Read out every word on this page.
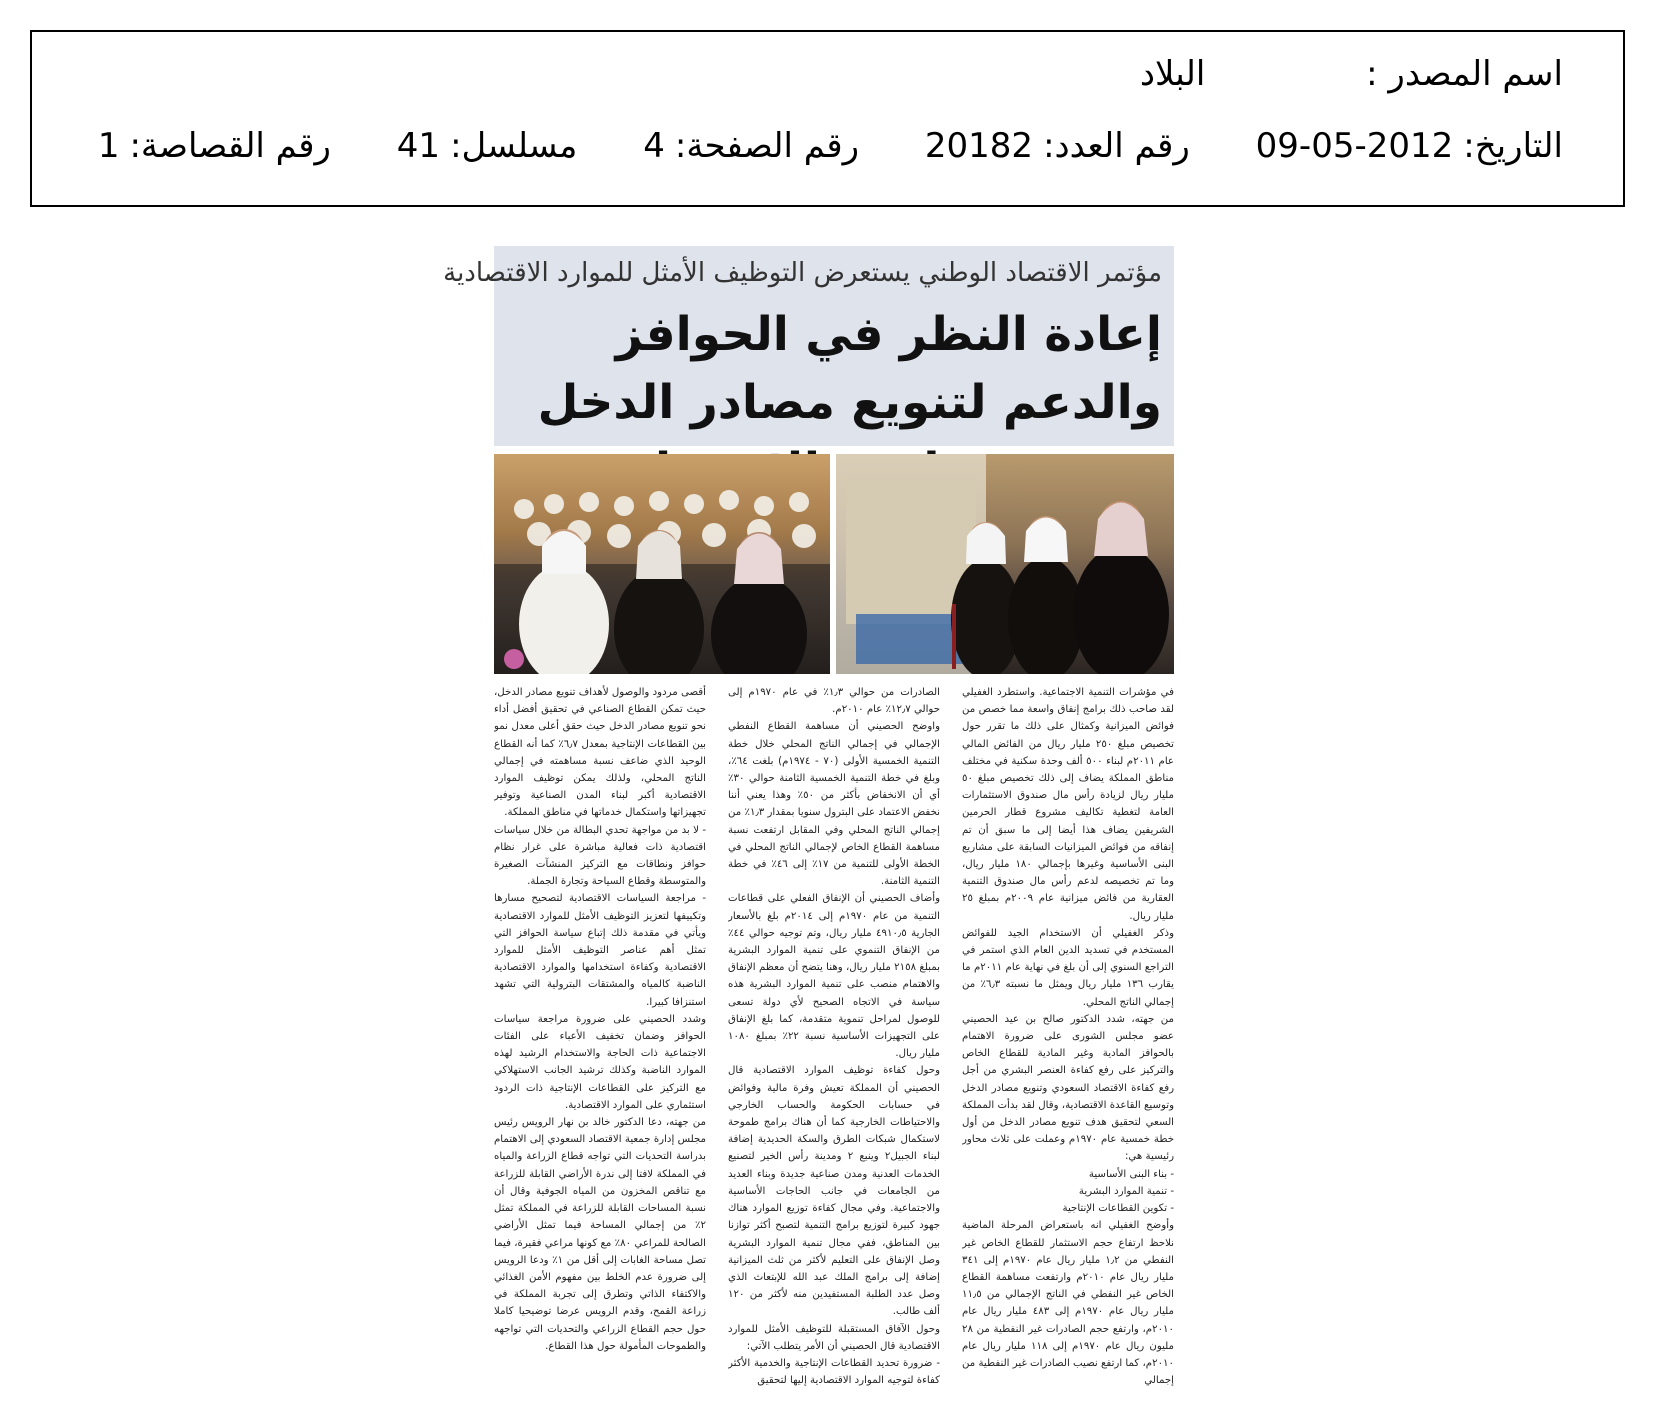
اسم المصدر : البلاد
التاريخ:2012-05-09 رقم العدد:20182 رقم الصفحة:4 مسلسل:41 رقم القصاصة:1
مؤتمر الاقتصاد الوطني يستعرض التوظيف الأمثل للموارد الاقتصادية
إعادة النظر في الحوافز والدعم لتنويع مصادر الدخل

في مؤشرات التنمية الاجتماعية. واستطرد الغفيلي لقد صاحب ذلك برامج إنفاق واسعة مما خصص من فوائض الميزانية وكمثال على ذلك ما تقرر حول تخصيص مبلغ ٢٥٠ مليار ريال من الفائض المالي عام ٢٠١١م لبناء ٥٠٠ ألف وحدة سكنية في مختلف مناطق المملكة يضاف إلى ذلك تخصيص مبلغ ٥٠ مليار ريال لزيادة رأس مال صندوق الاستثمارات العامة لتغطية تكاليف مشروع قطار الحرمين الشريفين يضاف هذا أيضا إلى ما سبق أن تم إنفاقه من فوائض الميزانيات السابقة على مشاريع البنى الأساسية وغيرها بإجمالي ١٨٠ مليار ريال، وما تم تخصيصه لدعم رأس مال صندوق التنمية العقارية من فائض ميزانية عام ٢٠٠٩م بمبلغ ٢٥ مليار ريال.

وذكر الغفيلي أن الاستخدام الجيد للفوائض المستخدم في تسديد الدين العام الذي استمر في التراجع السنوي إلى أن بلغ في نهاية عام ٢٠١١م ما يقارب ١٣٦ مليار ريال ويمثل ما نسبته ٦٫٣٪ من إجمالي الناتج المحلي.

من جهته، شدد الدكتور صالح بن عيد الحصيني عضو مجلس الشورى على ضرورة الاهتمام بالحوافز المادية وغير المادية للقطاع الخاص والتركيز على رفع كفاءة العنصر البشري من أجل رفع كفاءة الاقتصاد السعودي وتنويع مصادر الدخل وتوسيع القاعدة الاقتصادية، وقال لقد بدأت المملكة السعي لتحقيق هدف تنويع مصادر الدخل من أول خطة خمسية عام ١٩٧٠م وعملت على ثلاث محاور رئيسية هي:

- بناء البنى الأساسية

- تنمية الموارد البشرية

- تكوين القطاعات الإنتاجية

وأوضح الغفيلي انه باستعراض المرحلة الماضية نلاحظ ارتفاع حجم الاستثمار للقطاع الخاص غير النفطي من ١٫٢ مليار ريال عام ١٩٧٠م إلى ٣٤١ مليار ريال عام ٢٠١٠م وارتفعت مساهمة القطاع الخاص غير النفطي في الناتج الإجمالي من ١١٫٥ مليار ريال عام ١٩٧٠م إلى ٤٨٣ مليار ريال عام ٢٠١٠م، وارتفع حجم الصادرات غير النفطية من ٢٨ مليون ريال عام ١٩٧٠م إلى ١١٨ مليار ريال عام ٢٠١٠م، كما ارتفع نصيب الصادرات غير النفطية من إجمالي

الصادرات من حوالي ١٫٣٪ في عام ١٩٧٠م إلى حوالي ١٢٫٧٪ عام ٢٠١٠م.

واوضح الحصيني أن مساهمة القطاع النفطي الإجمالي في إجمالي الناتج المحلي خلال خطة التنمية الخمسية الأولى (٧٠ - ١٩٧٤م) بلغت ٦٤٪، وبلغ في خطة التنمية الخمسية الثامنة حوالي ٣٠٪ أي أن الانخفاض بأكثر من ٥٠٪ وهذا يعني أننا نخفض الاعتماد على البترول سنويا بمقدار ١٫٣٪ من إجمالي الناتج المحلي وفي المقابل ارتفعت نسبة مساهمة القطاع الخاص لإجمالي الناتج المحلي في الخطة الأولى للتنمية من ١٧٪ إلى ٤٦٪ في خطة التنمية الثامنة.

وأضاف الحصيني أن الإنفاق الفعلي على قطاعات التنمية من عام ١٩٧٠م إلى ٢٠١٤م بلغ بالأسعار الجارية ٤٩١٠٫٥ مليار ريال، وتم توجيه حوالي ٤٤٪ من الإنفاق التنموي على تنمية الموارد البشرية بمبلغ ٢١٥٨ مليار ريال، وهنا يتضح أن معظم الإنفاق والاهتمام منصب على تنمية الموارد البشرية هذه سياسة في الاتجاه الصحيح لأي دولة تسعى للوصول لمراحل تنموية متقدمة، كما بلغ الإنفاق على التجهيزات الأساسية نسبة ٢٢٪ بمبلغ ١٠٨٠ مليار ريال.

وحول كفاءة توظيف الموارد الاقتصادية قال الحصيني أن المملكة تعيش وفرة مالية وفوائض في حسابات الحكومة والحساب الخارجي والاحتياطات الخارجية كما أن هناك برامج طموحة لاستكمال شبكات الطرق والسكة الحديدية إضافة لبناء الجبيل٢ وينبع ٢ ومدينة رأس الخير لتصنيع الخدمات العدنية ومدن صناعية جديدة وبناء العديد من الجامعات في جانب الحاجات الأساسية والاجتماعية. وفي مجال كفاءة توزيع الموارد هناك جهود كبيرة لتوزيع برامج التنمية لتصبح أكثر توازنا بين المناطق، ففي مجال تنمية الموارد البشرية وصل الإنفاق على التعليم لأكثر من ثلث الميزانية إضافة إلى برامج الملك عبد الله للإبتعاث الذي وصل عدد الطلبة المستفيدين منه لأكثر من ١٢٠ ألف طالب.

وحول الآفاق المستقبلة للتوظيف الأمثل للموارد الاقتصادية قال الحصيني أن الأمر يتطلب الآتي:

- ضرورة تحديد القطاعات الإنتاجية والخدمية الأكثر كفاءة لتوجيه الموارد الاقتصادية إليها لتحقيق

أقصى مردود والوصول لأهداف تنويع مصادر الدخل، حيث تمكن القطاع الصناعي في تحقيق أفضل أداء نحو تنويع مصادر الدخل حيث حقق أعلى معدل نمو بين القطاعات الإنتاجية بمعدل ٦٫٧٪ كما أنه القطاع الوحيد الذي ضاعف نسبة مساهمته في إجمالي الناتج المحلي، ولذلك يمكن توظيف الموارد الاقتصادية أكبر لبناء المدن الصناعية وتوفير تجهيزاتها واستكمال خدماتها في مناطق المملكة.

- لا بد من مواجهة تحدي البطالة من خلال سياسات اقتصادية ذات فعالية مباشرة على غرار نظام حوافز ونطاقات مع التركيز المنشآت الصغيرة والمتوسطة وقطاع السياحة وتجارة الجملة.

- مراجعة السياسات الاقتصادية لتصحيح مسارها وتكييفها لتعزيز التوظيف الأمثل للموارد الاقتصادية ويأتي في مقدمة ذلك إتباع سياسة الحوافز التي تمثل أهم عناصر التوظيف الأمثل للموارد الاقتصادية وكفاءة استخدامها والموارد الاقتصادية الناضبة كالمياه والمشتقات البترولية التي تشهد استنزافا كبيرا.

وشدد الحصيني على ضرورة مراجعة سياسات الحوافز وضمان تخفيف الأعباء على الفئات الاجتماعية ذات الحاجة والاستخدام الرشيد لهذه الموارد الناضبة وكذلك ترشيد الجانب الاستهلاكي مع التركيز على القطاعات الإنتاجية ذات الردود استثماري على الموارد الاقتصادية.

من جهته، دعا الدكتور خالد بن نهار الرويس رئيس مجلس إدارة جمعية الاقتصاد السعودي إلى الاهتمام بدراسة التحديات التي تواجه قطاع الزراعة والمياه في المملكة لافتا إلى ندرة الأراضي القابلة للزراعة مع تناقص المخزون من المياه الجوفية وقال أن نسبة المساحات القابلة للزراعة في المملكة تمثل ٢٪ من إجمالي المساحة فيما تمثل الأراضي الصالحة للمراعي ٨٠٪ مع كونها مراعي فقيرة، فيما تصل مساحة الغابات إلى أقل من ١٪ ودعا الرويس إلى ضرورة عدم الخلط بين مفهوم الأمن الغذائي والاكتفاء الذاتي وتطرق إلى تجربة المملكة في زراعة القمح، وقدم الرويس عرضا توضيحيا كاملا حول حجم القطاع الزراعي والتحديات التي تواجهه والطموحات المأمولة حول هذا القطاع.
